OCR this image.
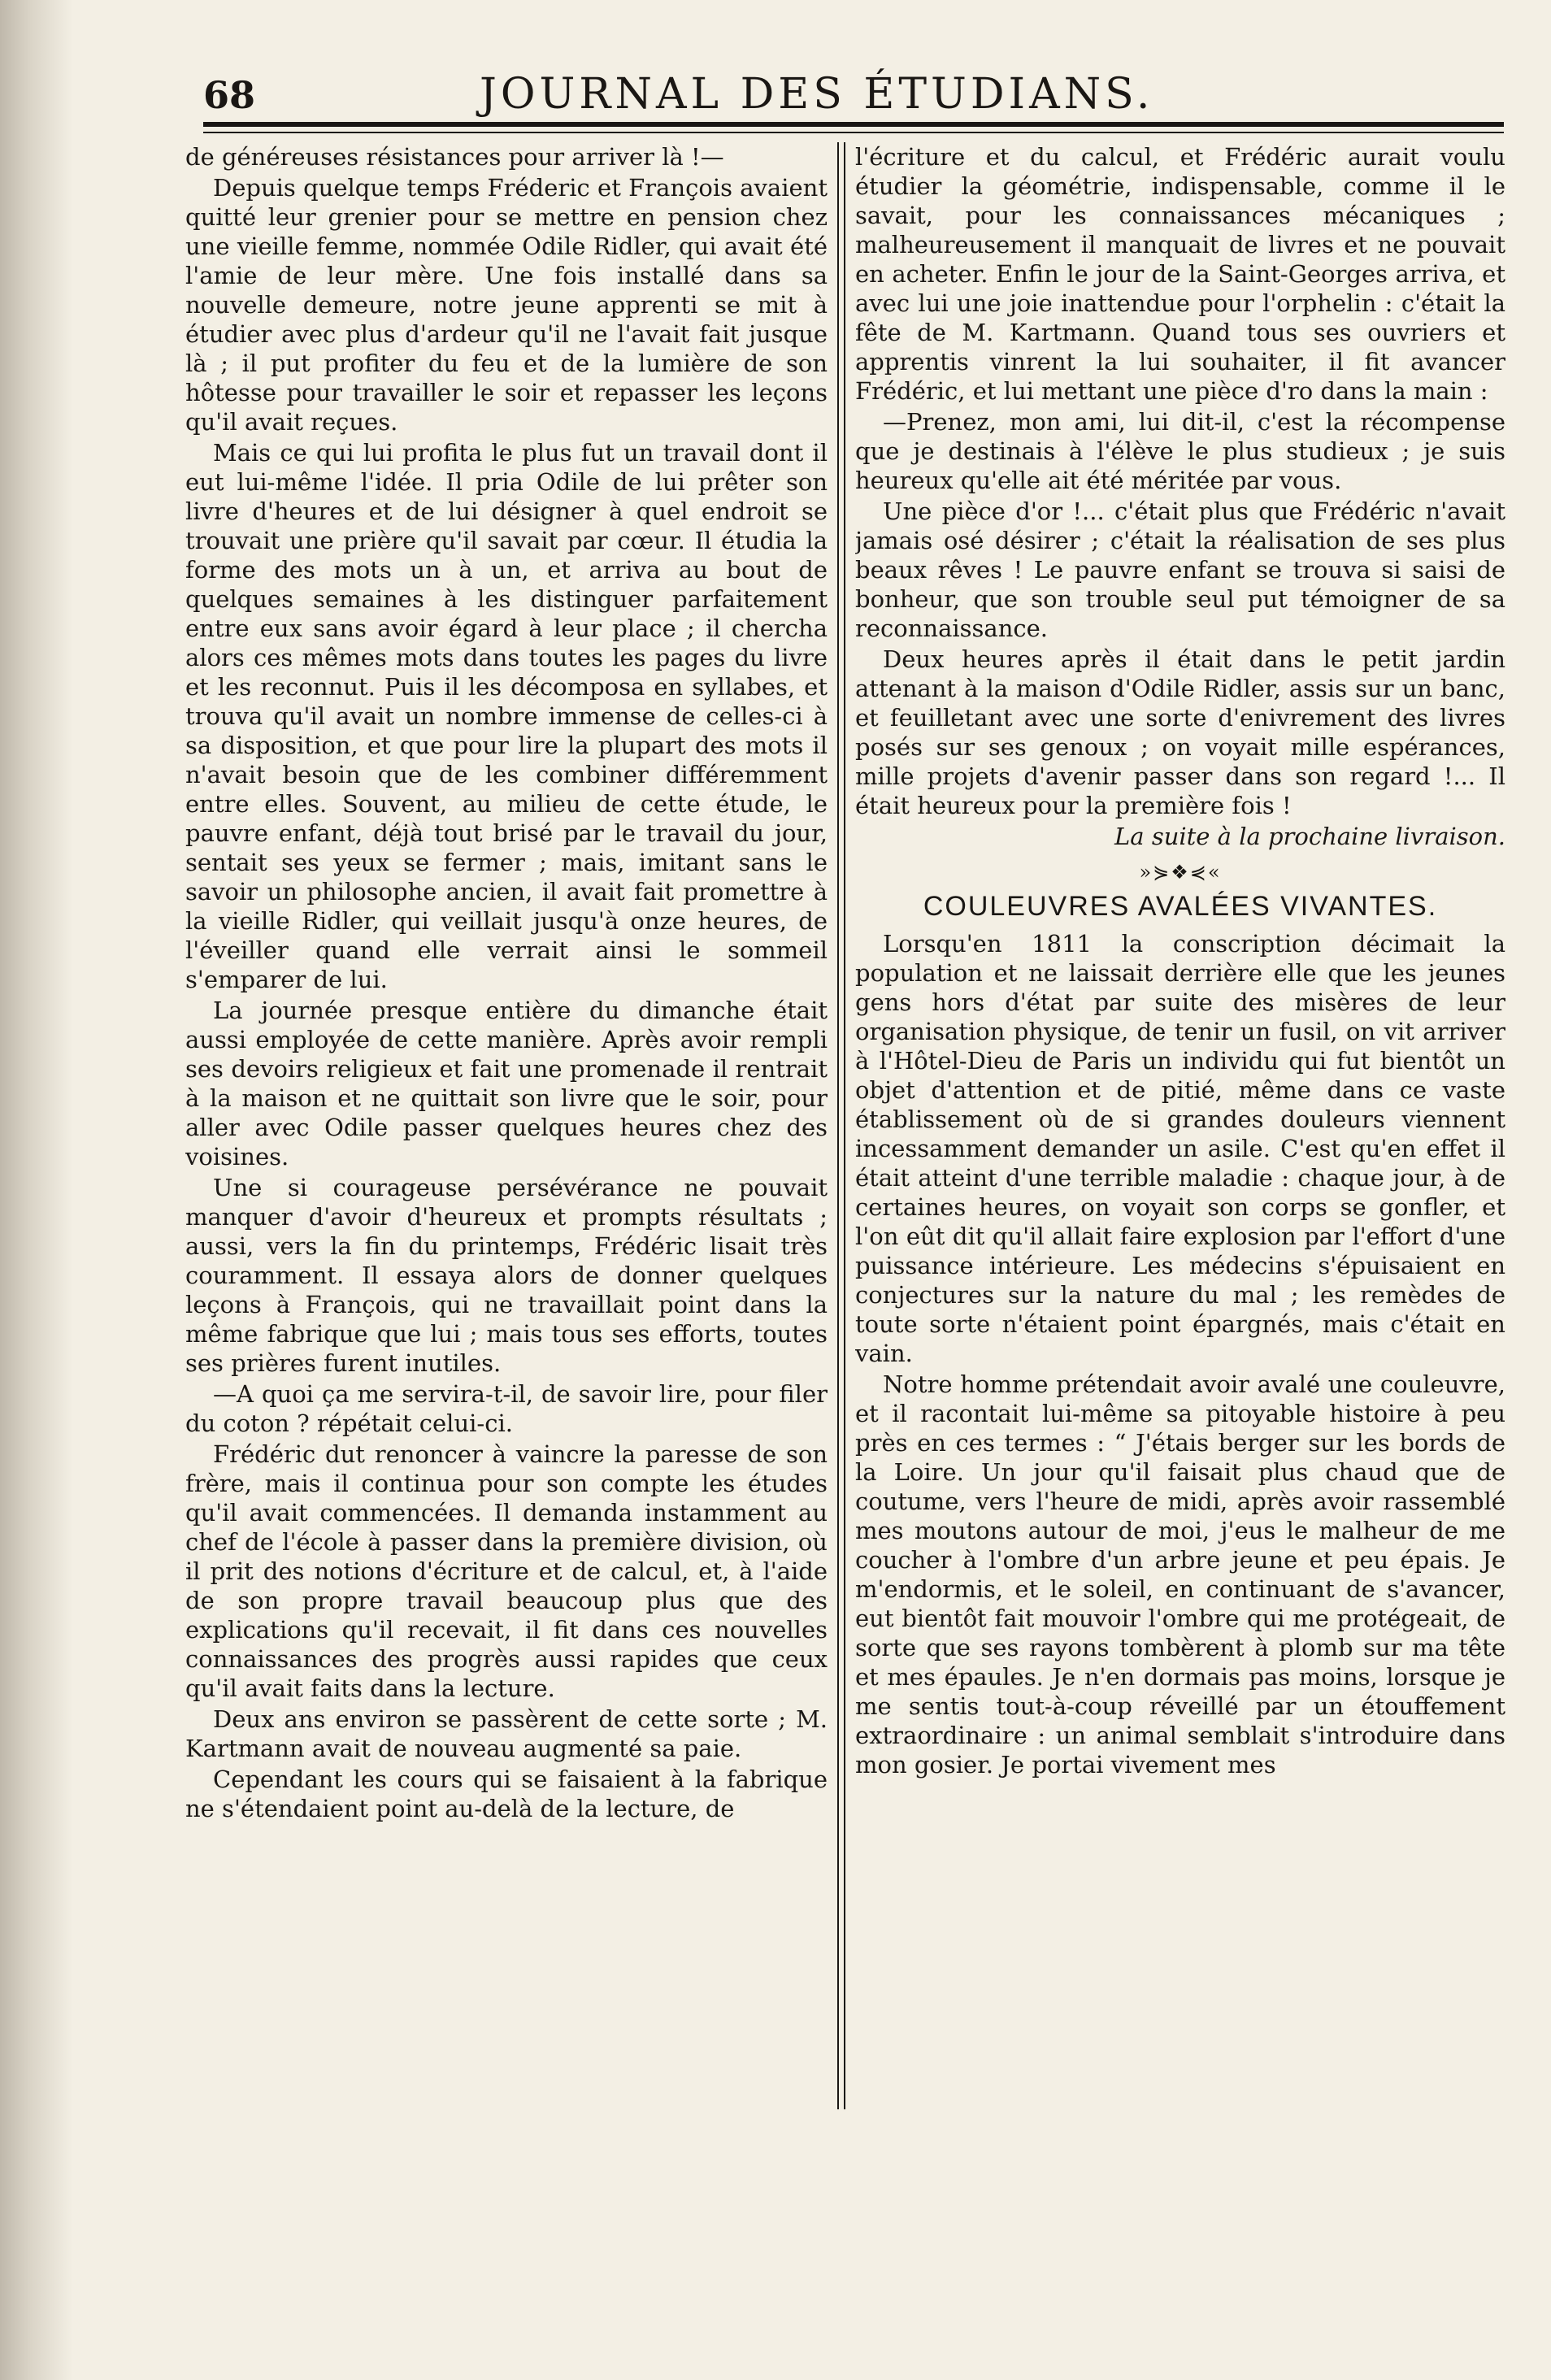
68	JOURNAL DES ÉTUDIANS.

de généreuses résistances pour arriver là !—

Depuis quelque temps Fréderic et François avaient quitté leur grenier pour se mettre en pension chez une vieille femme, nommée Odile Ridler, qui avait été l'amie de leur mère. Une fois installé dans sa nouvelle demeure, notre jeune apprenti se mit à étudier avec plus d'ardeur qu'il ne l'avait fait jusque là ; il put profiter du feu et de la lumière de son hôtesse pour travailler le soir et repasser les leçons qu'il avait reçues.

Mais ce qui lui profita le plus fut un travail dont il eut lui-même l'idée. Il pria Odile de lui prêter son livre d'heures et de lui désigner à quel endroit se trouvait une prière qu'il savait par cœur. Il étudia la forme des mots un à un, et arriva au bout de quelques semaines à les distinguer parfaitement entre eux sans avoir égard à leur place ; il chercha alors ces mêmes mots dans toutes les pages du livre et les reconnut. Puis il les décomposa en syllabes, et trouva qu'il avait un nombre immense de celles-ci à sa disposition, et que pour lire la plupart des mots il n'avait besoin que de les combiner différemment entre elles. Souvent, au milieu de cette étude, le pauvre enfant, déjà tout brisé par le travail du jour, sentait ses yeux se fermer ; mais, imitant sans le savoir un philosophe ancien, il avait fait promettre à la vieille Ridler, qui veillait jusqu'à onze heures, de l'éveiller quand elle verrait ainsi le sommeil s'emparer de lui.

La journée presque entière du dimanche était aussi employée de cette manière. Après avoir rempli ses devoirs religieux et fait une promenade il rentrait à la maison et ne quittait son livre que le soir, pour aller avec Odile passer quelques heures chez des voisines.

Une si courageuse persévérance ne pouvait manquer d'avoir d'heureux et prompts résultats ; aussi, vers la fin du printemps, Frédéric lisait très couramment. Il essaya alors de donner quelques leçons à François, qui ne travaillait point dans la même fabrique que lui ; mais tous ses efforts, toutes ses prières furent inutiles.

—A quoi ça me servira-t-il, de savoir lire, pour filer du coton ? répétait celui-ci.

Frédéric dut renoncer à vaincre la paresse de son frère, mais il continua pour son compte les études qu'il avait commencées. Il demanda instamment au chef de l'école à passer dans la première division, où il prit des notions d'écriture et de calcul, et, à l'aide de son propre travail beaucoup plus que des explications qu'il recevait, il fit dans ces nouvelles connaissances des progrès aussi rapides que ceux qu'il avait faits dans la lecture.

Deux ans environ se passèrent de cette sorte ; M. Kartmann avait de nouveau augmenté sa paie.

Cependant les cours qui se faisaient à la fabrique ne s'étendaient point au-delà de la lecture, de

l'écriture et du calcul, et Frédéric aurait voulu étudier la géométrie, indispensable, comme il le savait, pour les connaissances mécaniques ; malheureusement il manquait de livres et ne pouvait en acheter. Enfin le jour de la Saint-Georges arriva, et avec lui une joie inattendue pour l'orphelin : c'était la fête de M. Kartmann. Quand tous ses ouvriers et apprentis vinrent la lui souhaiter, il fit avancer Frédéric, et lui mettant une pièce d'ro dans la main :

—Prenez, mon ami, lui dit-il, c'est la récompense que je destinais à l'élève le plus studieux ; je suis heureux qu'elle ait été méritée par vous.

Une pièce d'or !... c'était plus que Frédéric n'avait jamais osé désirer ; c'était la réalisation de ses plus beaux rêves ! Le pauvre enfant se trouva si saisi de bonheur, que son trouble seul put témoigner de sa reconnaissance.

Deux heures après il était dans le petit jardin attenant à la maison d'Odile Ridler, assis sur un banc, et feuilletant avec une sorte d'enivrement des livres posés sur ses genoux ; on voyait mille espérances, mille projets d'avenir passer dans son regard !... Il était heureux pour la première fois !

La suite à la prochaine livraison.

»⋟❖⋞«
COULEUVRES AVALÉES VIVANTES.

Lorsqu'en 1811 la conscription décimait la population et ne laissait derrière elle que les jeunes gens hors d'état par suite des misères de leur organisation physique, de tenir un fusil, on vit arriver à l'Hôtel-Dieu de Paris un individu qui fut bientôt un objet d'attention et de pitié, même dans ce vaste établissement où de si grandes douleurs viennent incessamment demander un asile. C'est qu'en effet il était atteint d'une terrible maladie : chaque jour, à de certaines heures, on voyait son corps se gonfler, et l'on eût dit qu'il allait faire explosion par l'effort d'une puissance intérieure. Les médecins s'épuisaient en conjectures sur la nature du mal ; les remèdes de toute sorte n'étaient point épargnés, mais c'était en vain.

Notre homme prétendait avoir avalé une couleuvre, et il racontait lui-même sa pitoyable histoire à peu près en ces termes : “ J'étais berger sur les bords de la Loire. Un jour qu'il faisait plus chaud que de coutume, vers l'heure de midi, après avoir rassemblé mes moutons autour de moi, j'eus le malheur de me coucher à l'ombre d'un arbre jeune et peu épais. Je m'endormis, et le soleil, en continuant de s'avancer, eut bientôt fait mouvoir l'ombre qui me protégeait, de sorte que ses rayons tombèrent à plomb sur ma tête et mes épaules. Je n'en dormais pas moins, lorsque je me sentis tout-à-coup réveillé par un étouffement extraordinaire : un animal semblait s'introduire dans mon gosier. Je portai vivement mes
